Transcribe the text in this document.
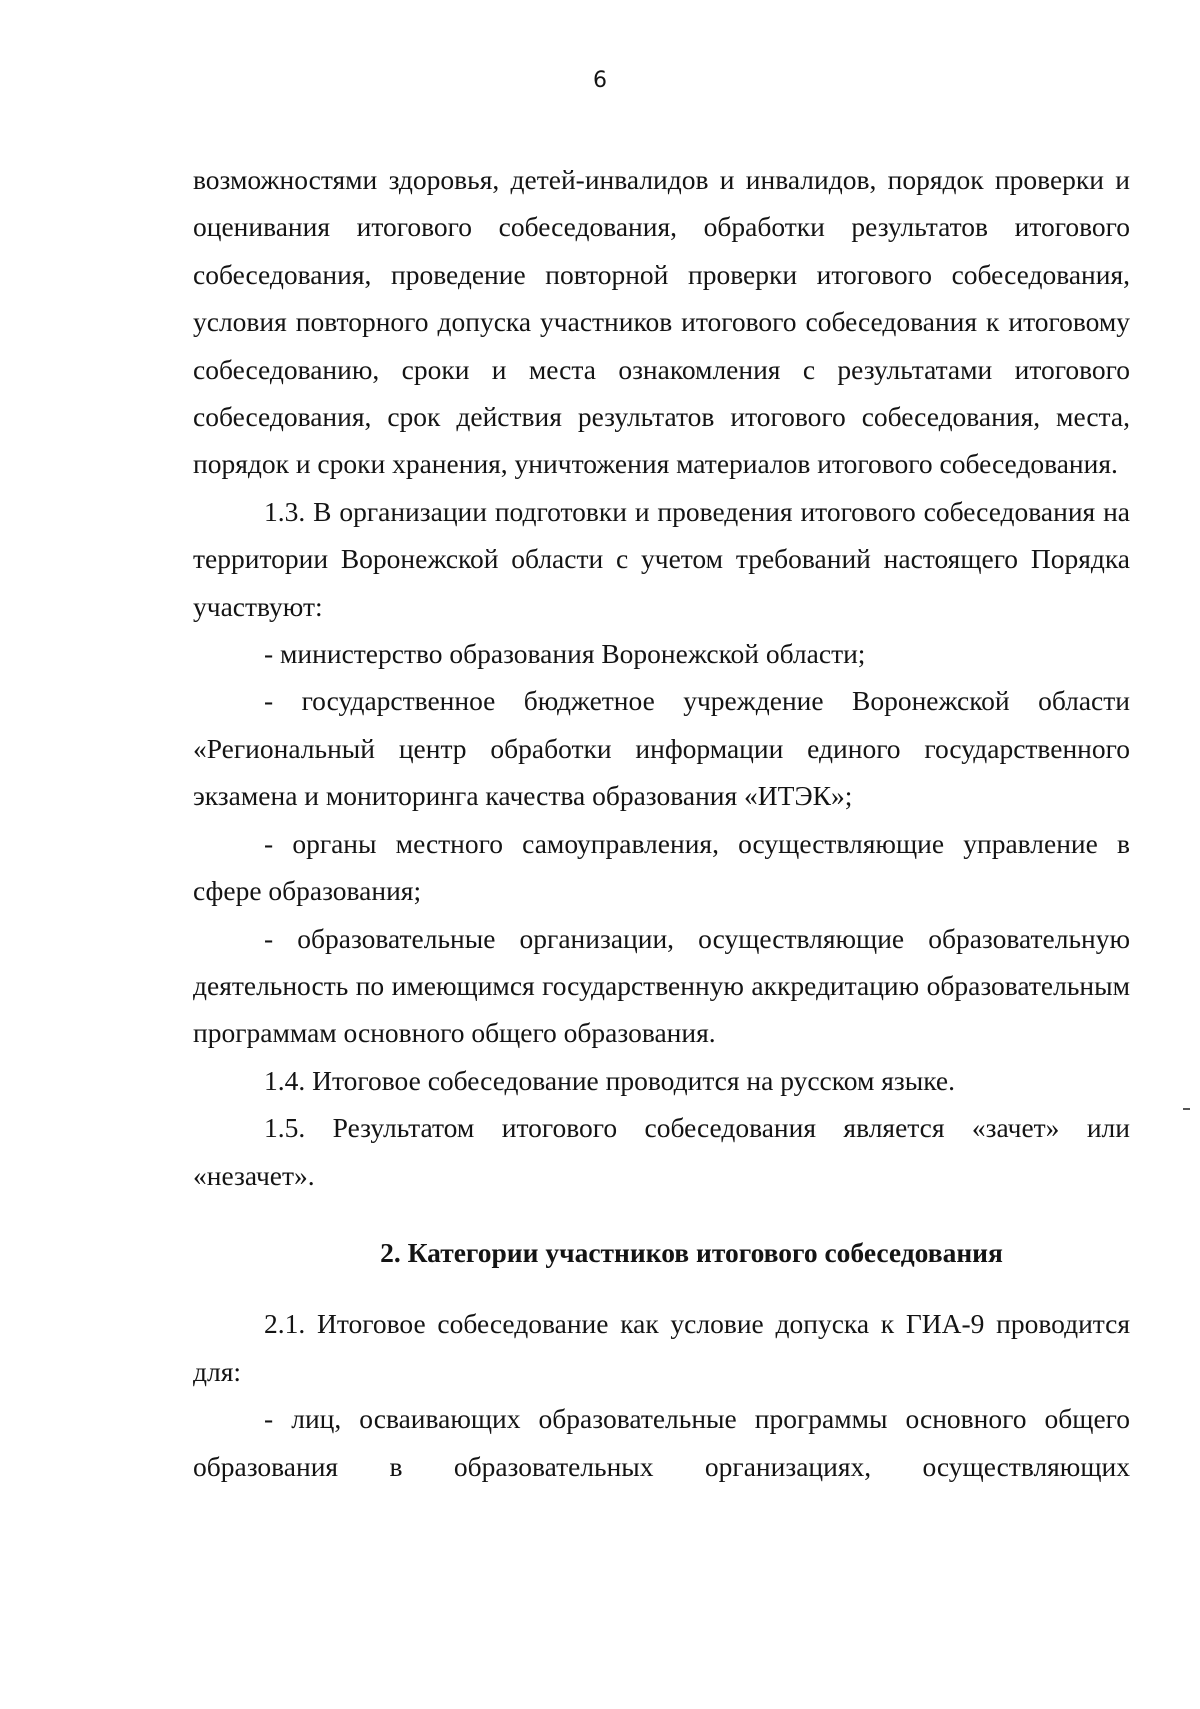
6

возможностями здоровья, детей-инвалидов и инвалидов, порядок проверки и оценивания итогового собеседования, обработки результатов итогового собеседования, проведение повторной проверки итогового собеседования, условия повторного допуска участников итогового собеседования к итоговому собеседованию, сроки и места ознакомления с результатами итогового собеседования, срок действия результатов итогового собеседования, места, порядок и сроки хранения, уничтожения материалов итогового собеседования.

1.3. В организации подготовки и проведения итогового собеседования на территории Воронежской области с учетом требований настоящего Порядка участвуют:

- министерство образования Воронежской области;

- государственное бюджетное учреждение Воронежской области «Региональный центр обработки информации единого государственного экзамена и мониторинга качества образования «ИТЭК»;

- органы местного самоуправления, осуществляющие управление в сфере образования;

- образовательные организации, осуществляющие образовательную деятельность по имеющимся государственную аккредитацию образовательным программам основного общего образования.

1.4. Итоговое собеседование проводится на русском языке.

1.5. Результатом итогового собеседования является «зачет» или «незачет».

2. Категории участников итогового собеседования

2.1. Итоговое собеседование как условие допуска к ГИА-9 проводится для:

- лиц, осваивающих образовательные программы основного общего образования в образовательных организациях, осуществляющих
